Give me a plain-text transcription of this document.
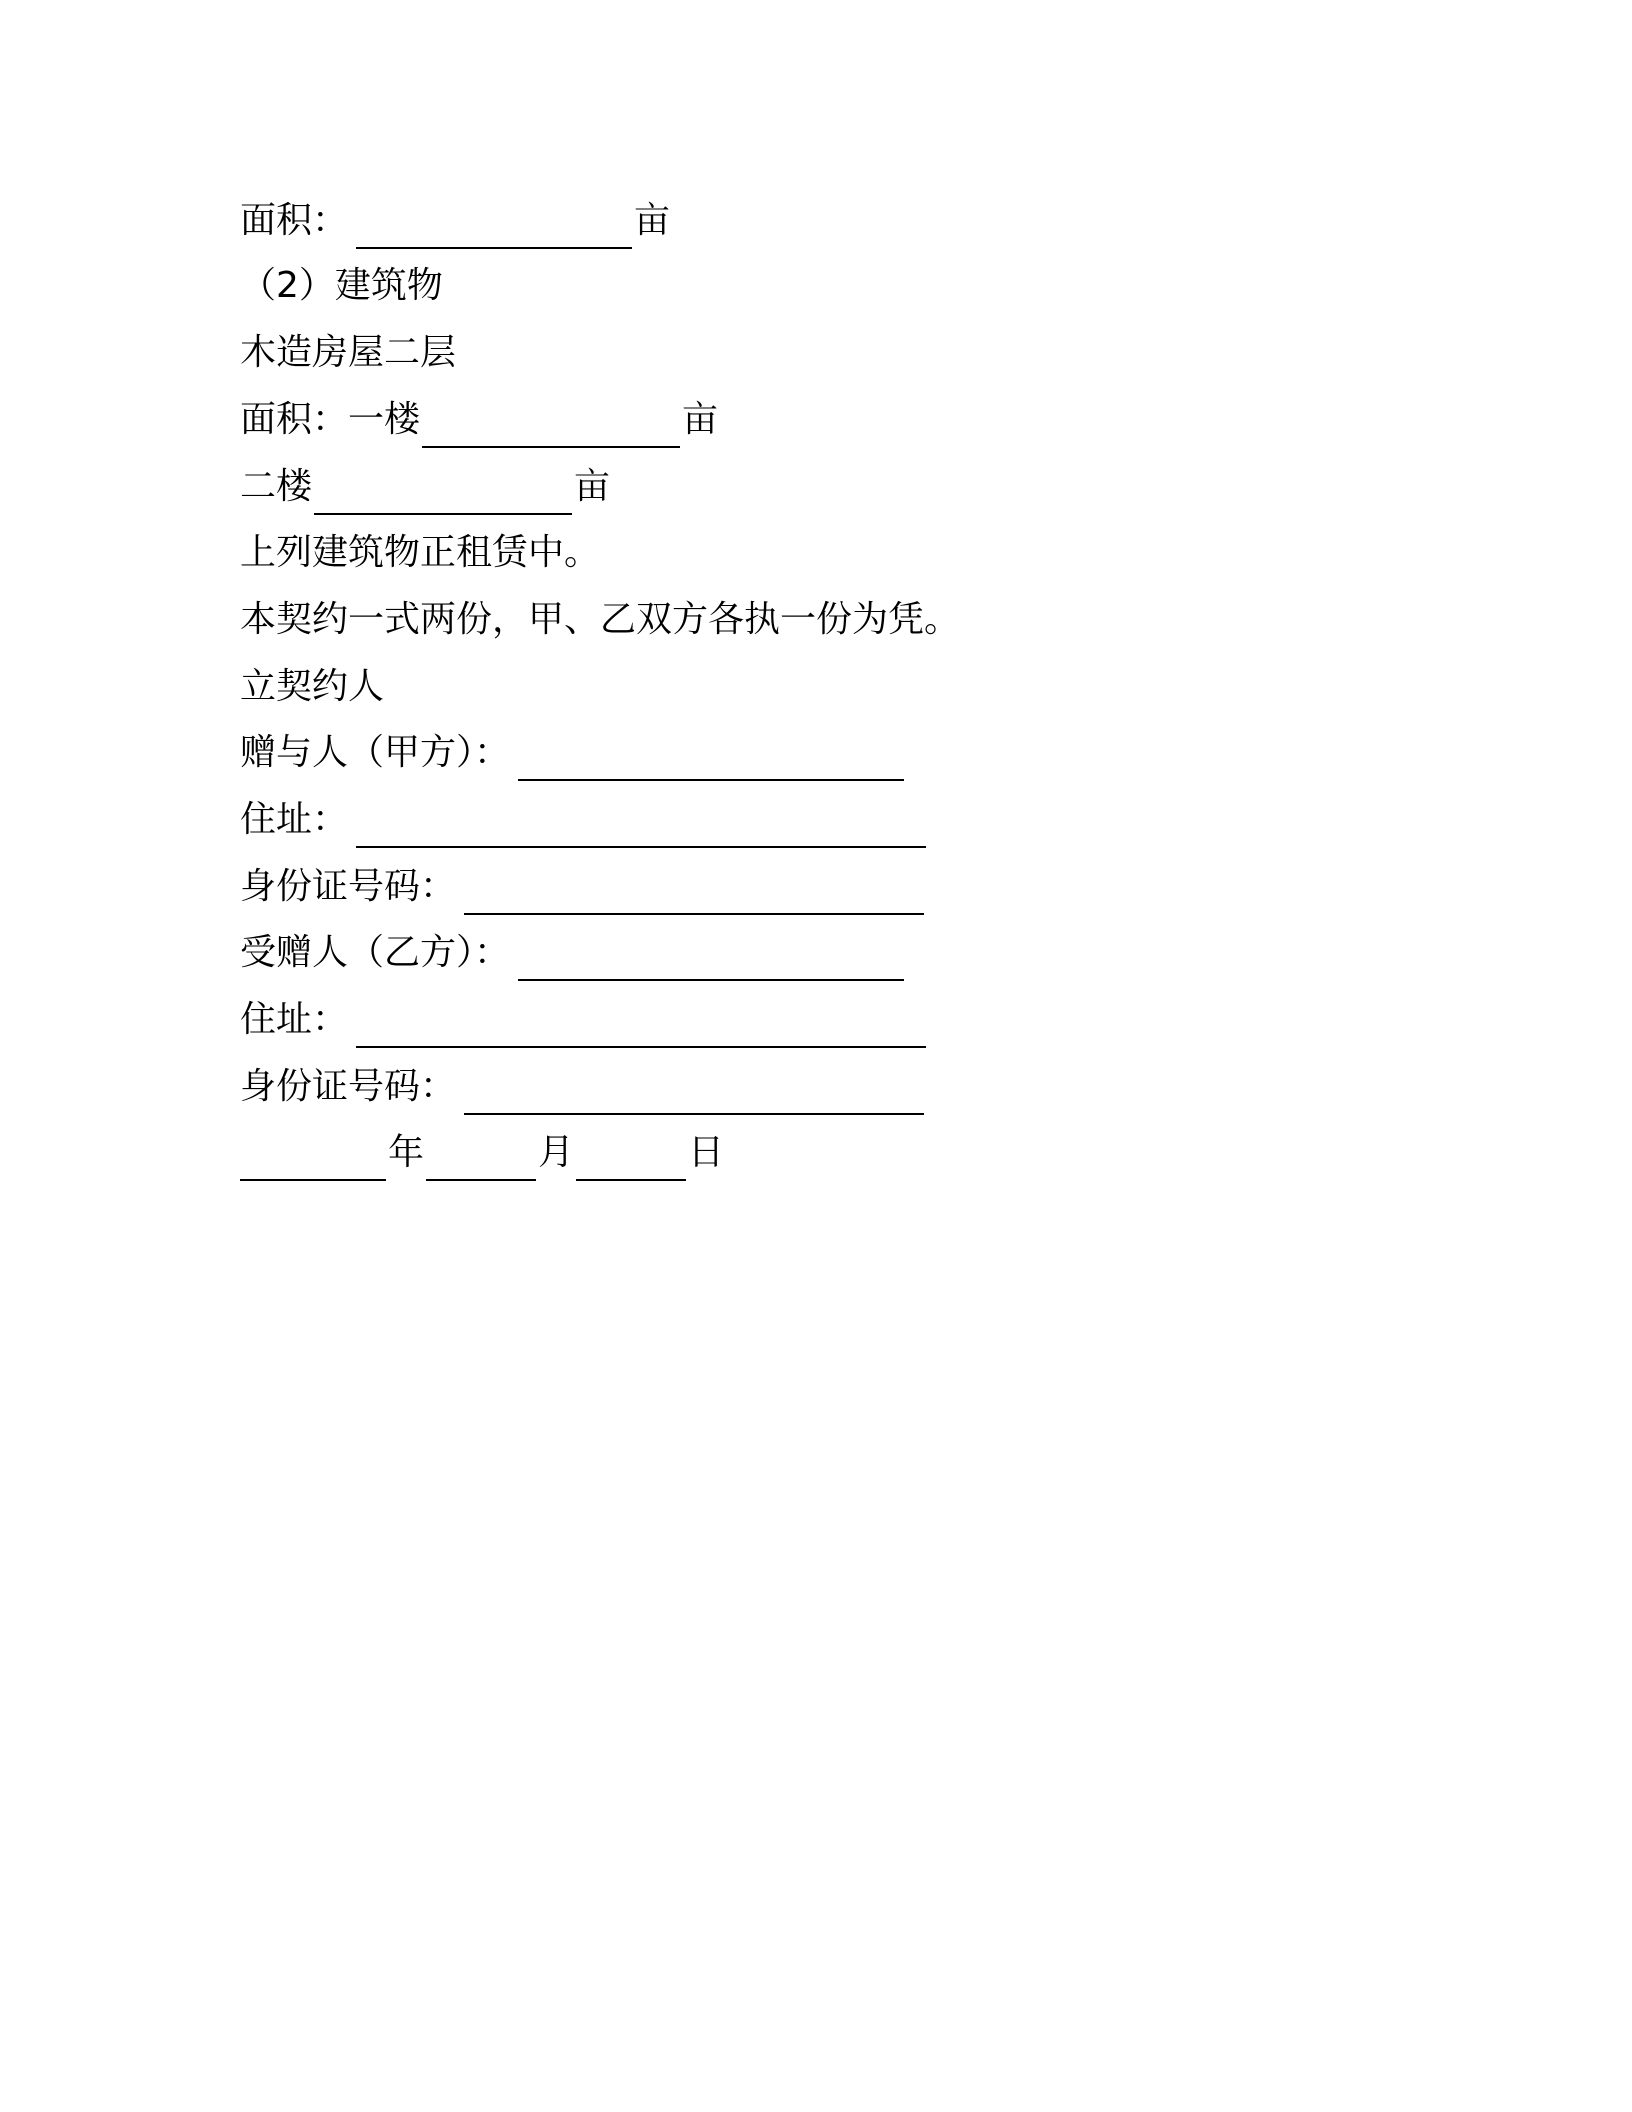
面积：	亩
（2）建筑物
木造房屋二层
面积：一楼	亩
二楼	亩
上列建筑物正租赁中。
本契约一式两份，甲、乙双方各执一份为凭。
立契约人
赠与人（甲方）：
住址：
身份证号码：
受赠人（乙方）：
住址：
身份证号码：
年	月	日
